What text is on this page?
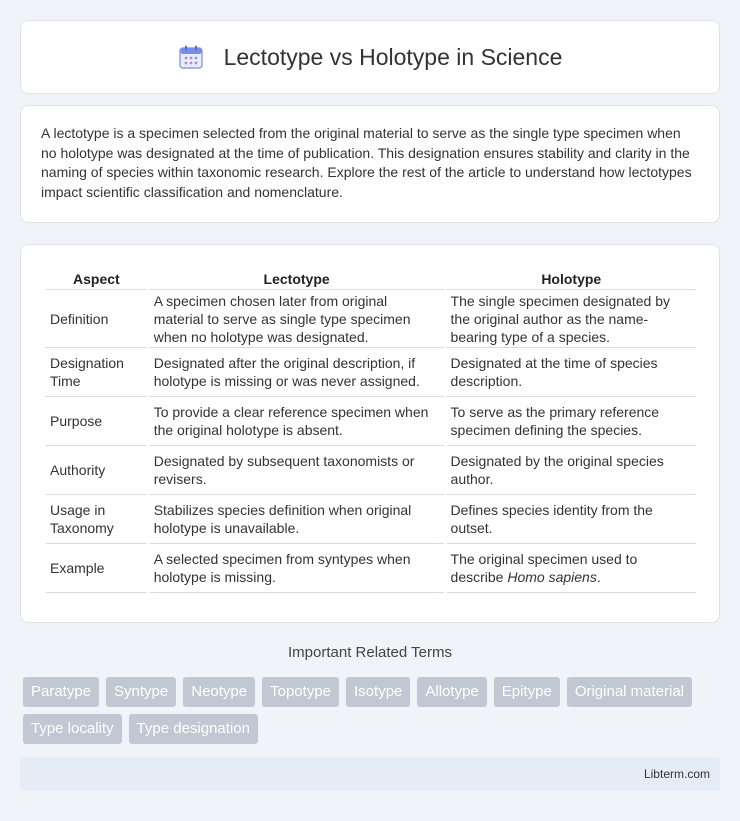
Lectotype vs Holotype in Science

A lectotype is a specimen selected from the original material to serve as the single type specimen when no holotype was designated at the time of publication. This designation ensures stability and clarity in the naming of species within taxonomic research. Explore the rest of the article to understand how lectotypes impact scientific classification and nomenclature.

Aspect	Lectotype	Holotype
Definition	A specimen chosen later from original material to serve as single type specimen when no holotype was designated.	The single specimen designated by the original author as the name-bearing type of a species.
Designation Time	Designated after the original description, if holotype is missing or was never assigned.	Designated at the time of species description.
Purpose	To provide a clear reference specimen when the original holotype is absent.	To serve as the primary reference specimen defining the species.
Authority	Designated by subsequent taxonomists or revisers.	Designated by the original species author.
Usage in Taxonomy	Stabilizes species definition when original holotype is unavailable.	Defines species identity from the outset.
Example	A selected specimen from syntypes when holotype is missing.	The original specimen used to describe Homo sapiens.
Important Related Terms
Paratype	Syntype	Neotype	Topotype	Isotype	Allotype	Epitype	Original material
Type locality	Type designation
Libterm.com
